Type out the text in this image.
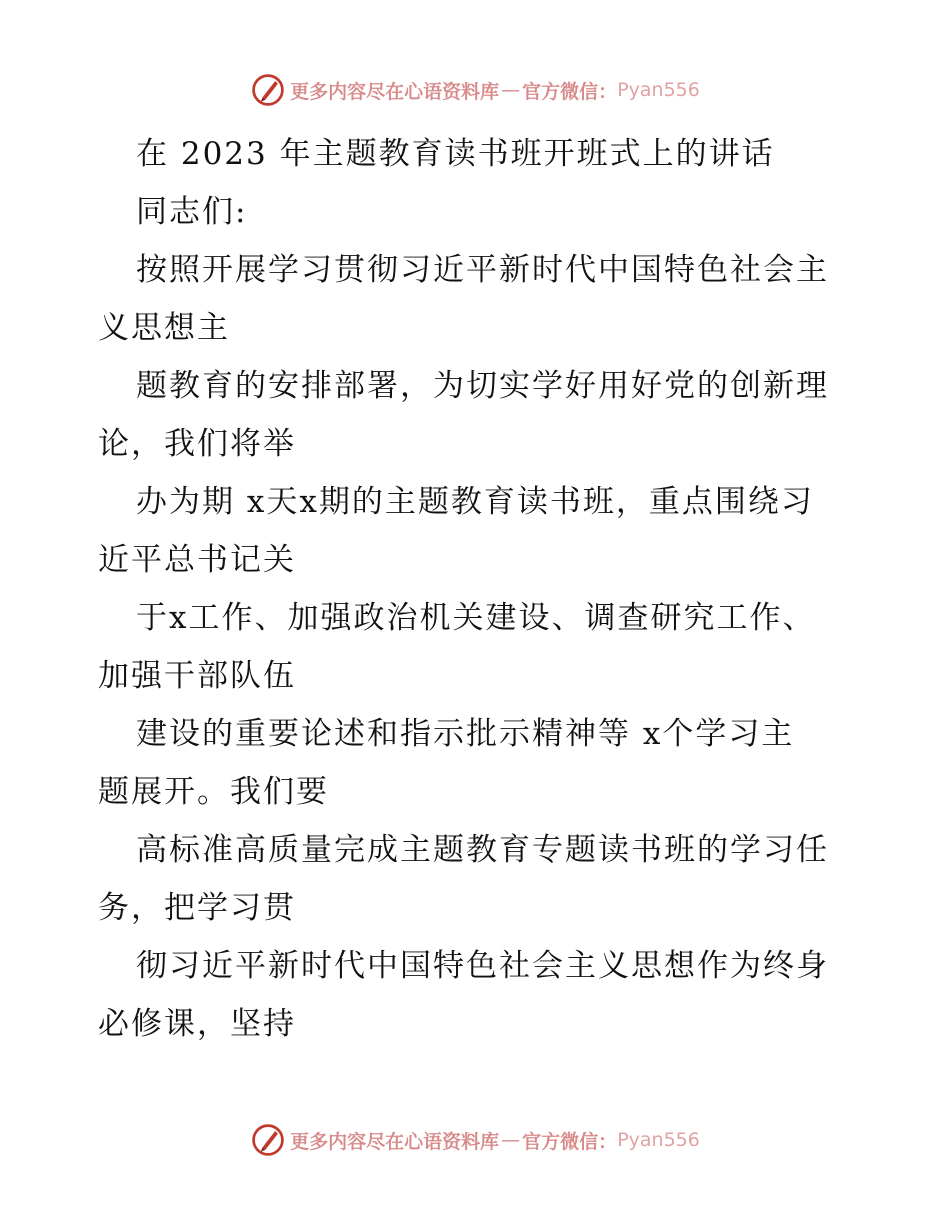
更多内容尽在心语资料库 — 官方微信： Pyan556

在 2023 年主题教育读书班开班式上的讲话

同志们:

按照开展学习贯彻习近平新时代中国特色社会主

义思想主

题教育的安排部署，为切实学好用好党的创新理

论，我们将举

办为期 x天x期的主题教育读书班，重点围绕习

近平总书记关

于x工作、加强政治机关建设、调查研究工作、

加强干部队伍

建设的重要论述和指示批示精神等 x个学习主

题展开。我们要

高标准高质量完成主题教育专题读书班的学习任

务，把学习贯

彻习近平新时代中国特色社会主义思想作为终身

必修课，坚持

更多内容尽在心语资料库 — 官方微信： Pyan556
